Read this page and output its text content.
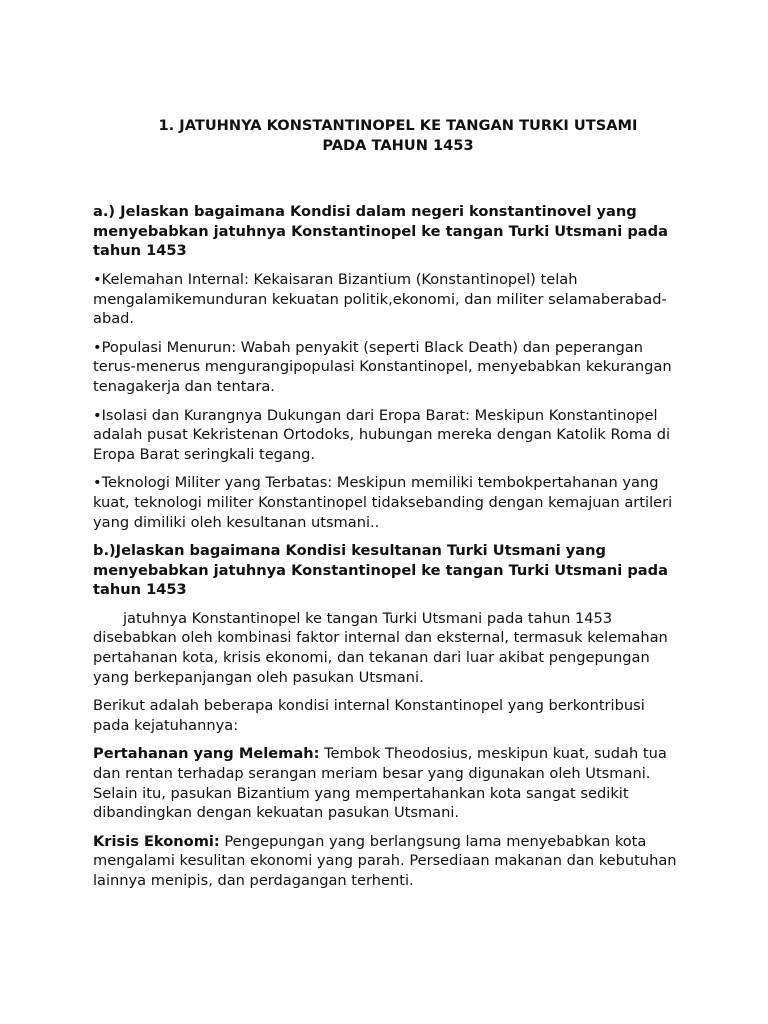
1. JATUHNYA KONSTANTINOPEL KE TANGAN TURKI UTSAMI
PADA TAHUN 1453

a.) Jelaskan bagaimana Kondisi dalam negeri konstantinovel yang menyebabkan jatuhnya Konstantinopel ke tangan Turki Utsmani pada tahun 1453

•Kelemahan Internal: Kekaisaran Bizantium (Konstantinopel) telah mengalamikemunduran kekuatan politik,ekonomi, dan militer selamaberabad-abad.

•Populasi Menurun: Wabah penyakit (seperti Black Death) dan peperangan terus-menerus mengurangipopulasi Konstantinopel, menyebabkan kekurangan tenagakerja dan tentara.

•Isolasi dan Kurangnya Dukungan dari Eropa Barat: Meskipun Konstantinopel adalah pusat Kekristenan Ortodoks, hubungan mereka dengan Katolik Roma di Eropa Barat seringkali tegang.

•Teknologi Militer yang Terbatas: Meskipun memiliki tembokpertahanan yang kuat, teknologi militer Konstantinopel tidaksebanding dengan kemajuan artileri yang dimiliki oleh kesultanan utsmani..

b.)Jelaskan bagaimana Kondisi kesultanan Turki Utsmani yang menyebabkan jatuhnya Konstantinopel ke tangan Turki Utsmani pada tahun 1453

jatuhnya Konstantinopel ke tangan Turki Utsmani pada tahun 1453 disebabkan oleh kombinasi faktor internal dan eksternal, termasuk kelemahan pertahanan kota, krisis ekonomi, dan tekanan dari luar akibat pengepungan yang berkepanjangan oleh pasukan Utsmani.

Berikut adalah beberapa kondisi internal Konstantinopel yang berkontribusi pada kejatuhannya:

Pertahanan yang Melemah: Tembok Theodosius, meskipun kuat, sudah tua dan rentan terhadap serangan meriam besar yang digunakan oleh Utsmani. Selain itu, pasukan Bizantium yang mempertahankan kota sangat sedikit dibandingkan dengan kekuatan pasukan Utsmani.

Krisis Ekonomi: Pengepungan yang berlangsung lama menyebabkan kota mengalami kesulitan ekonomi yang parah. Persediaan makanan dan kebutuhan lainnya menipis, dan perdagangan terhenti.
